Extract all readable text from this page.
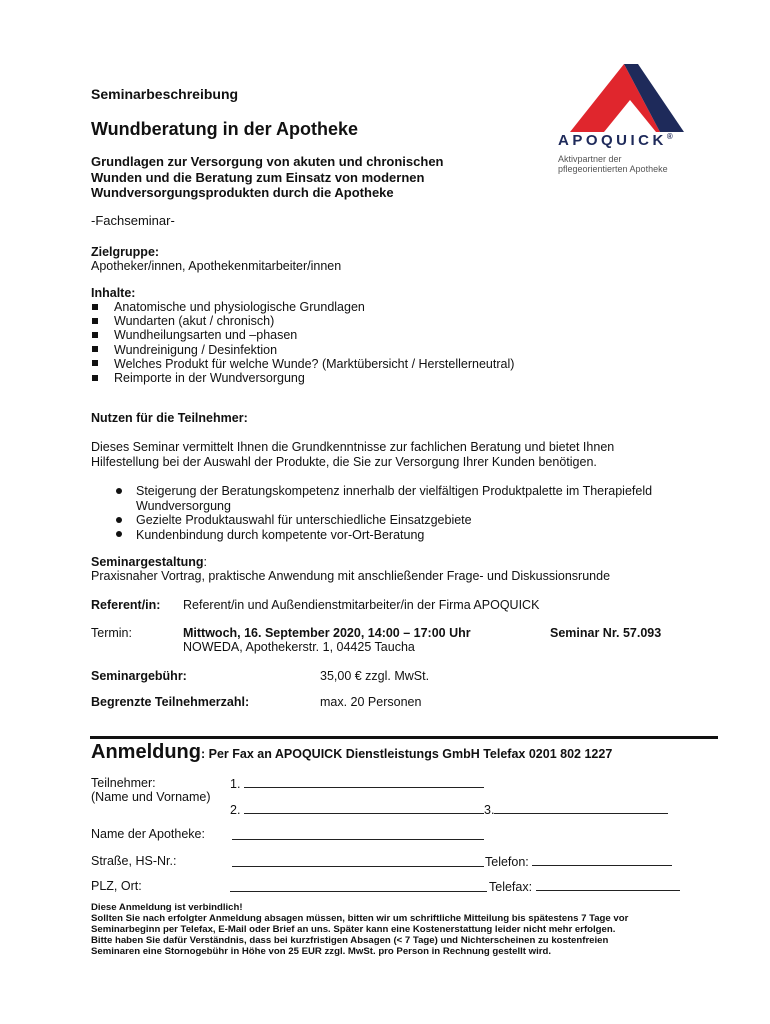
APOQUICK®
Aktivpartner der
pflegeorientierten Apotheke
Seminarbeschreibung
Wundberatung in der Apotheke
Grundlagen zur Versorgung von akuten und chronischen
Wunden und die Beratung zum Einsatz von modernen
Wundversorgungsprodukten durch die Apotheke
-Fachseminar-
Zielgruppe:
Apotheker/innen, Apothekenmitarbeiter/innen
Inhalte:
Anatomische und physiologische Grundlagen
Wundarten (akut / chronisch)
Wundheilungsarten und –phasen
Wundreinigung / Desinfektion
Welches Produkt für welche Wunde? (Marktübersicht / Herstellerneutral)
Reimporte in der Wundversorgung
Nutzen für die Teilnehmer:
Dieses Seminar vermittelt Ihnen die Grundkenntnisse zur fachlichen Beratung und bietet Ihnen
Hilfestellung bei der Auswahl der Produkte, die Sie zur Versorgung Ihrer Kunden benötigen.
Steigerung der Beratungskompetenz innerhalb der vielfältigen Produktpalette im Therapiefeld
Wundversorgung
Gezielte Produktauswahl für unterschiedliche Einsatzgebiete
Kundenbindung durch kompetente vor-Ort-Beratung
Seminargestaltung:
Praxisnaher Vortrag, praktische Anwendung mit anschließender Frage- und Diskussionsrunde
Referent/in: Referent/in und Außendienstmitarbeiter/in der Firma APOQUICK
Termin:	Mittwoch, 16. September 2020, 14:00 – 17:00 Uhr
NOWEDA, Apothekerstr. 1, 04425 Taucha
Seminar Nr. 57.093
Seminargebühr:	35,00 € zzgl. MwSt.
Begrenzte Teilnehmerzahl:	max. 20 Personen
Anmeldung: Per Fax an APOQUICK Dienstleistungs GmbH Telefax 0201 802 1227
Teilnehmer:
(Name und Vorname)
1.
2.	3.
Name der Apotheke:
Straße, HS-Nr.:	Telefon:
PLZ, Ort:	Telefax:
Diese Anmeldung ist verbindlich!
Sollten Sie nach erfolgter Anmeldung absagen müssen, bitten wir um schriftliche Mitteilung bis spätestens 7 Tage vor
Seminarbeginn per Telefax, E-Mail oder Brief an uns. Später kann eine Kostenerstattung leider nicht mehr erfolgen.
Bitte haben Sie dafür Verständnis, dass bei kurzfristigen Absagen (< 7 Tage) und Nichterscheinen zu kostenfreien
Seminaren eine Stornogebühr in Höhe von 25 EUR zzgl. MwSt. pro Person in Rechnung gestellt wird.
